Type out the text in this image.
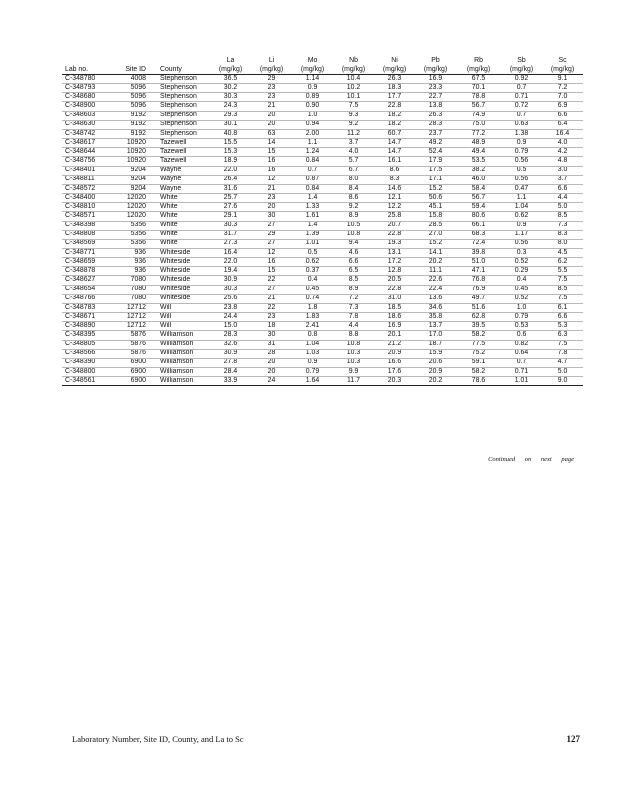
			La	Li	Mo	Nb	Ni	Pb	Rb	Sb	Sc
Lab no.	Site ID	County	(mg/kg)	(mg/kg)	(mg/kg)	(mg/kg)	(mg/kg)	(mg/kg)	(mg/kg)	(mg/kg)	(mg/kg)
C-348780	4008	Stephenson	36.5	29	1.14	10.4	26.3	16.9	67.5	0.92	9.1
C-348793	5096	Stephenson	30.2	23	0.9	10.2	18.3	23.3	70.1	0.7	7.2
C-348680	5096	Stephenson	30.3	23	0.89	10.1	17.7	22.7	78.8	0.71	7.0
C-348900	5096	Stephenson	24.3	21	0.90	7.5	22.8	13.8	56.7	0.72	6.9
C-348603	9192	Stephenson	29.3	20	1.0	9.3	18.2	26.3	74.9	0.7	6.6
C-348630	9192	Stephenson	30.1	20	0.94	9.2	18.2	28.3	75.0	0.63	6.4
C-348742	9192	Stephenson	40.8	63	2.00	11.2	60.7	23.7	77.2	1.38	16.4
C-348617	10920	Tazewell	15.5	14	1.1	3.7	14.7	49.2	48.9	0.9	4.0
C-348644	10920	Tazewell	15.3	15	1.24	4.0	14.7	52.4	49.4	0.79	4.2
C-348756	10920	Tazewell	18.9	16	0.84	5.7	16.1	17.9	53.5	0.56	4.8
C-348401	9204	Wayne	22.0	16	0.7	6.7	8.6	17.5	38.2	0.5	3.0
C-348811	9204	Wayne	26.4	12	0.87	8.0	8.3	17.1	46.0	0.56	3.7
C-348572	9204	Wayne	31.6	21	0.84	8.4	14.6	15.2	58.4	0.47	6.6
C-348400	12020	White	25.7	23	1.4	8.6	12.1	50.6	56.7	1.1	4.4
C-348810	12020	White	27.6	20	1.33	9.2	12.2	45.1	59.4	1.04	5.0
C-348571	12020	White	29.1	30	1.61	8.9	25.8	15.8	80.6	0.62	8.5
C-348398	5356	White	30.3	27	1.4	10.5	20.7	28.5	66.1	0.9	7.3
C-348808	5356	White	31.7	29	1.39	10.8	22.8	27.0	68.3	1.17	8.3
C-348569	5356	White	27.3	27	1.01	9.4	19.3	15.2	72.4	0.56	8.0
C-348771	936	Whiteside	16.4	12	0.5	4.6	13.1	14.1	39.8	0.3	4.5
C-348659	936	Whiteside	22.0	16	0.62	6.6	17.2	20.2	51.0	0.52	6.2
C-348878	936	Whiteside	19.4	15	0.37	6.5	12.8	11.1	47.1	0.29	5.5
C-348627	7080	Whiteside	30.9	22	0.4	8.5	20.5	22.6	76.8	0.4	7.5
C-348654	7080	Whiteside	30.3	27	0.45	8.9	22.8	22.4	76.9	0.45	8.5
C-348766	7080	Whiteside	25.6	21	0.74	7.2	31.0	13.6	49.7	0.52	7.5
C-348783	12712	Will	23.8	22	1.8	7.3	18.5	34.6	51.6	1.0	6.1
C-348671	12712	Will	24.4	23	1.83	7.8	18.6	35.8	62.8	0.79	6.6
C-348890	12712	Will	15.0	18	2.41	4.4	16.9	13.7	39.5	0.53	5.3
C-348395	5876	Williamson	28.3	30	0.8	8.8	20.1	17.0	58.2	0.6	6.3
C-348805	5876	Williamson	32.6	31	1.04	10.8	21.2	18.7	77.5	0.82	7.5
C-348566	5876	Williamson	30.9	28	1.03	10.3	20.9	15.9	75.2	0.64	7.8
C-348390	6900	Williamson	27.8	20	0.9	10.3	16.6	20.6	59.1	0.7	4.7
C-348800	6900	Williamson	28.4	20	0.79	9.9	17.6	20.9	58.2	0.71	5.0
C-348561	6900	Williamson	33.9	24	1.64	11.7	20.3	20.2	78.6	1.01	9.0
Continued on next page
Laboratory Number, Site ID, County, and La to Sc	127
